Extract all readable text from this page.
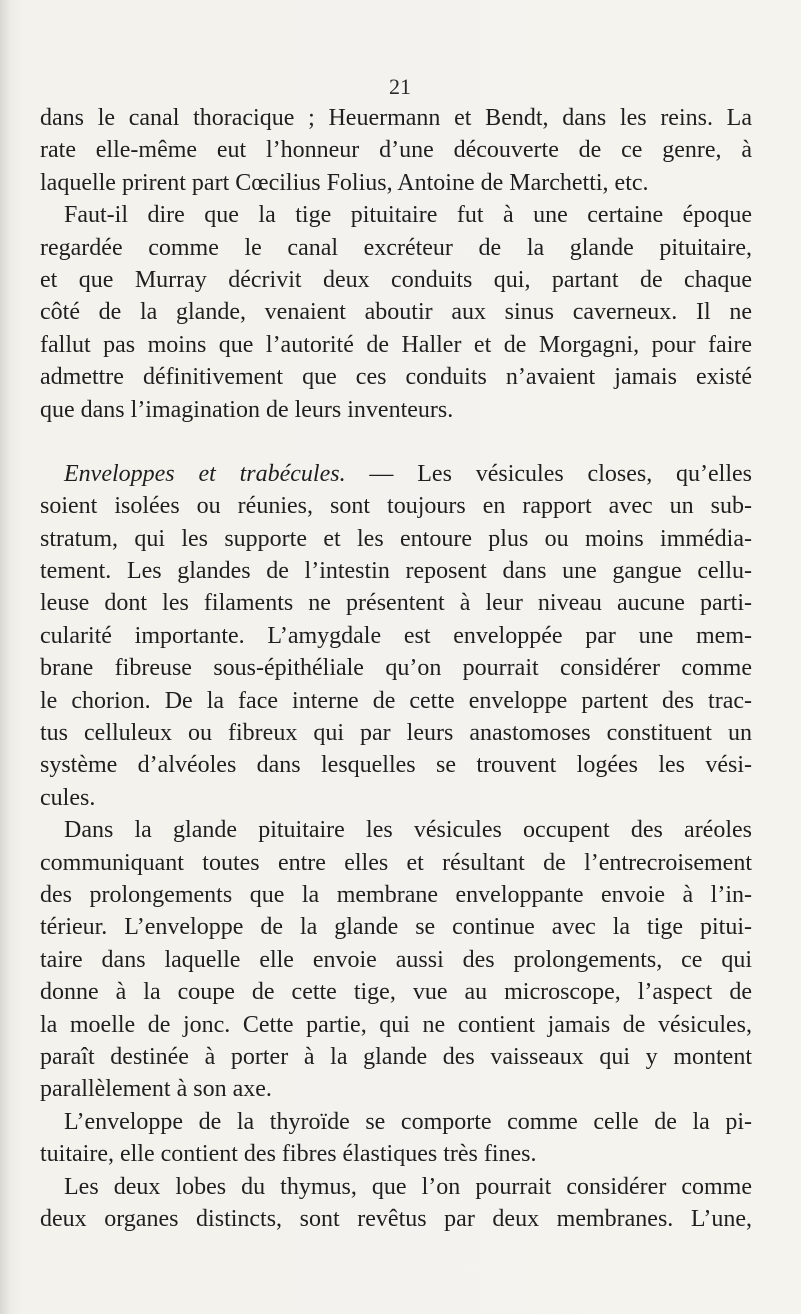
21
dans le canal thoracique ; Heuermann et Bendt, dans les reins. La
rate elle-même eut l’honneur d’une découverte de ce genre, à
laquelle prirent part Cœcilius Folius, Antoine de Marchetti, etc.
Faut-il dire que la tige pituitaire fut à une certaine époque
regardée comme le canal excréteur de la glande pituitaire,
et que Murray décrivit deux conduits qui, partant de chaque
côté de la glande, venaient aboutir aux sinus caverneux. Il ne
fallut pas moins que l’autorité de Haller et de Morgagni, pour faire
admettre définitivement que ces conduits n’avaient jamais existé
que dans l’imagination de leurs inventeurs.
Enveloppes et trabécules. — Les vésicules closes, qu’elles
soient isolées ou réunies, sont toujours en rapport avec un sub-
stratum, qui les supporte et les entoure plus ou moins immédia-
tement. Les glandes de l’intestin reposent dans une gangue cellu-
leuse dont les filaments ne présentent à leur niveau aucune parti-
cularité importante. L’amygdale est enveloppée par une mem-
brane fibreuse sous-épithéliale qu’on pourrait considérer comme
le chorion. De la face interne de cette enveloppe partent des trac-
tus celluleux ou fibreux qui par leurs anastomoses constituent un
système d’alvéoles dans lesquelles se trouvent logées les vési-
cules.
Dans la glande pituitaire les vésicules occupent des aréoles
communiquant toutes entre elles et résultant de l’entrecroisement
des prolongements que la membrane enveloppante envoie à l’in-
térieur. L’enveloppe de la glande se continue avec la tige pitui-
taire dans laquelle elle envoie aussi des prolongements, ce qui
donne à la coupe de cette tige, vue au microscope, l’aspect de
la moelle de jonc. Cette partie, qui ne contient jamais de vésicules,
paraît destinée à porter à la glande des vaisseaux qui y montent
parallèlement à son axe.
L’enveloppe de la thyroïde se comporte comme celle de la pi-
tuitaire, elle contient des fibres élastiques très fines.
Les deux lobes du thymus, que l’on pourrait considérer comme
deux organes distincts, sont revêtus par deux membranes. L’une,
